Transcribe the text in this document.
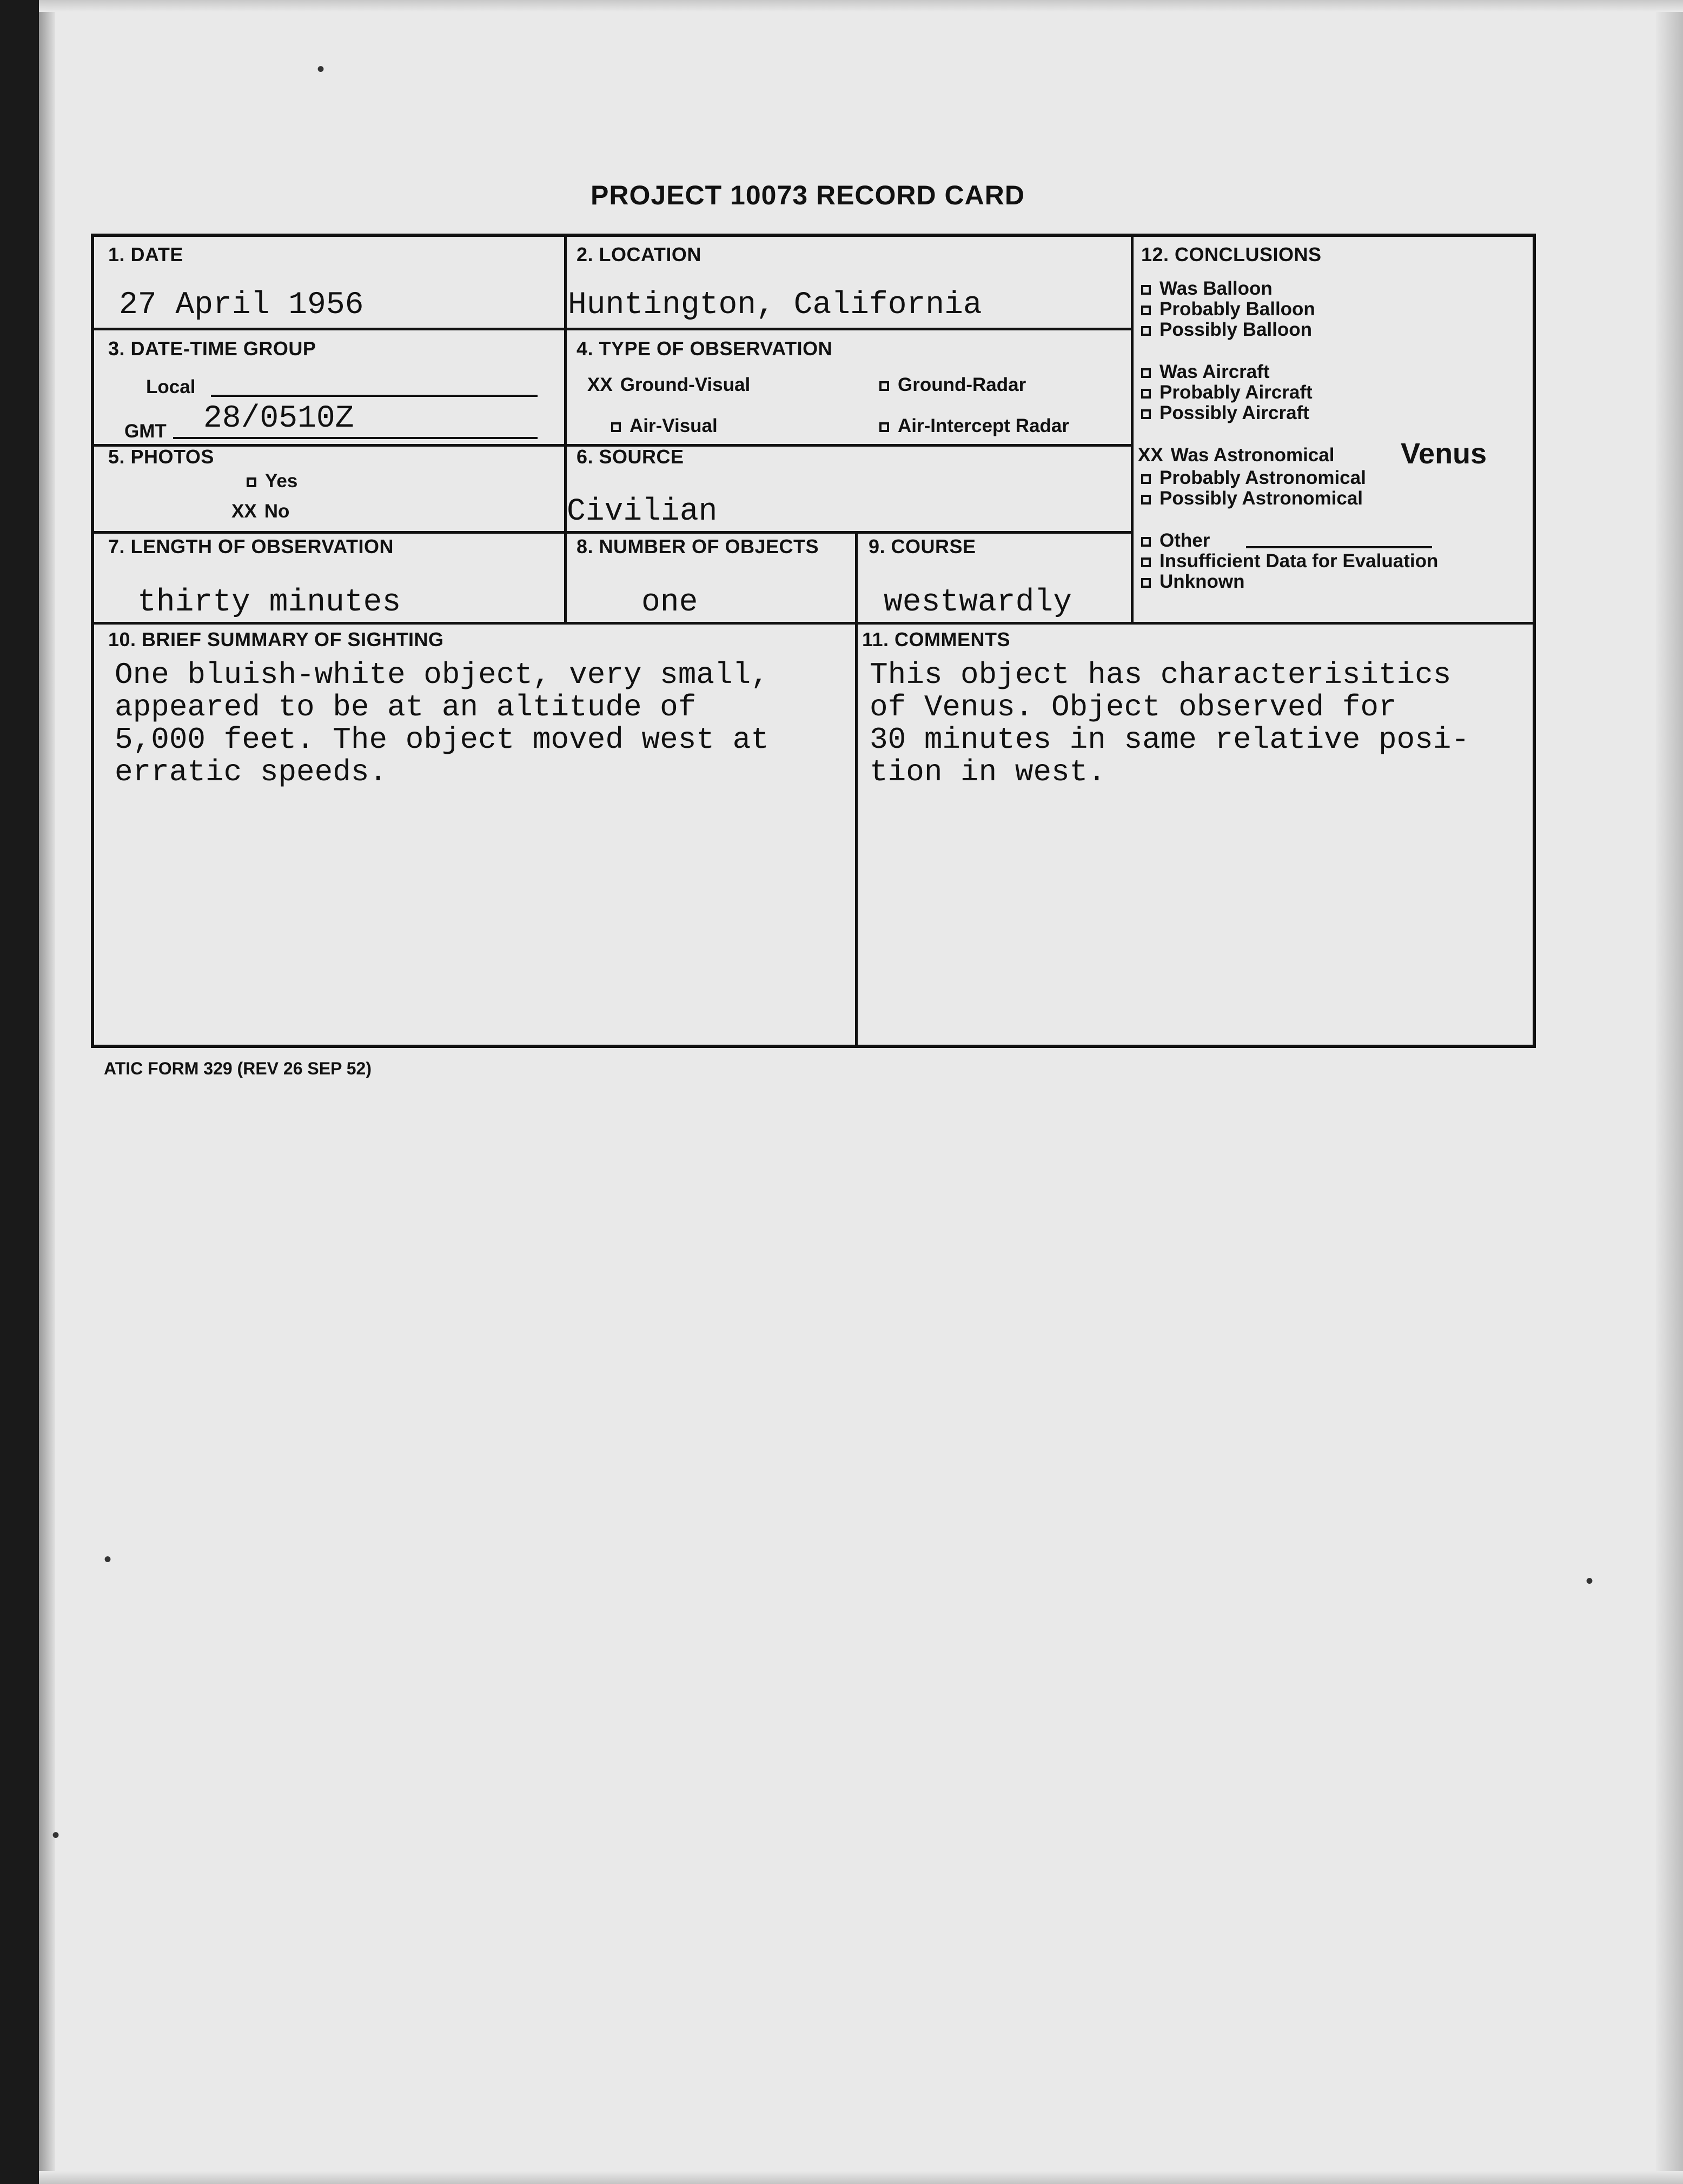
•
•
•
•
PROJECT 10073 RECORD CARD
1. DATE
27 April 1956
2. LOCATION
Huntington, California
3. DATE-TIME GROUP
Local
GMT 28/0510Z
4. TYPE OF OBSERVATION
XX Ground-Visual	Ground-Radar
Air-Visual	Air-Intercept Radar
5. PHOTOS
Yes
XX No
6. SOURCE
Civilian
7. LENGTH OF OBSERVATION
thirty minutes
8. NUMBER OF OBJECTS
one
9. COURSE
westwardly
12. CONCLUSIONS
Was Balloon
Probably Balloon
Possibly Balloon
Was Aircraft
Probably Aircraft
Possibly Aircraft
XX Was Astronomical Venus
Probably Astronomical
Possibly Astronomical
Other
Insufficient Data for Evaluation
Unknown
10. BRIEF SUMMARY OF SIGHTING
One bluish-white object, very small,
appeared to be at an altitude of
5,000 feet. The object moved west at
erratic speeds.
11. COMMENTS
This object has characterisitics
of Venus. Object observed for
30 minutes in same relative posi-
tion in west.
ATIC FORM 329 (REV 26 SEP 52)
